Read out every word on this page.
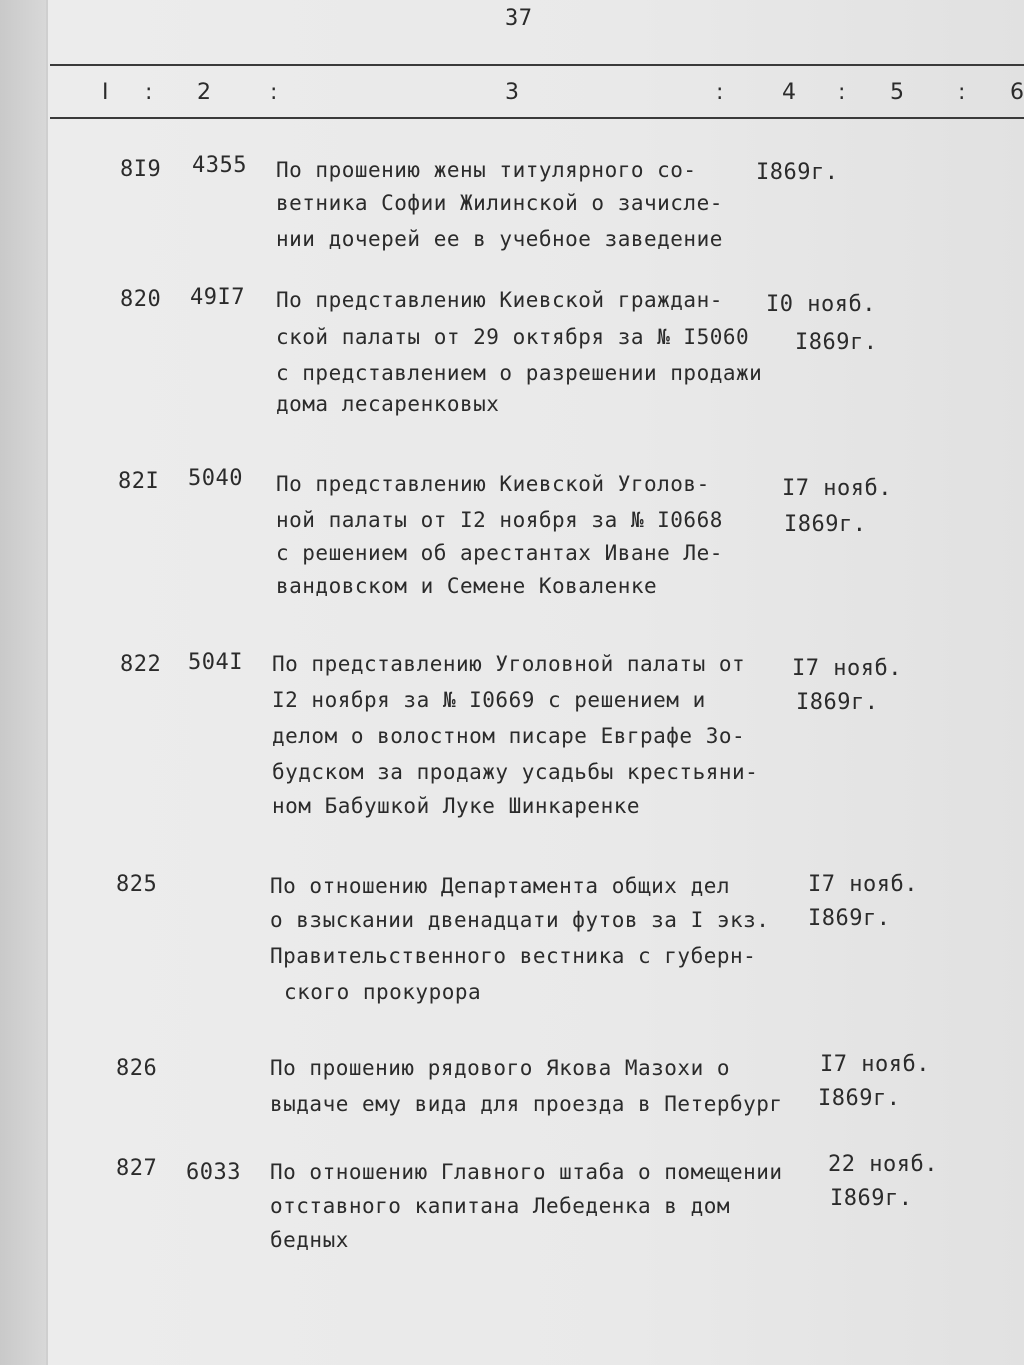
37
I : 2	:	3	:	4 : 5 : 6
8I9 4355 По прошению жены титулярного со-
ветника Софии Жилинской о зачисле-
нии дочерей ее в учебное заведение
I869г.
820 49I7 По представлению Киевской граждан-
ской палаты от 29 октября за № I5060
с представлением о разрешении продажи
дома лесаренковых
I0 нояб.
I869г.
82I 5040 По представлению Киевской Уголов-
ной палаты от I2 ноября за № I0668
с решением об арестантах Иване Ле-
вандовском и Семене Коваленке
I7 нояб.
I869г.
822 504I По представлению Уголовной палаты от
I2 ноября за № I0669 с решением и
делом о волостном писаре Евграфе Зо-
будском за продажу усадьбы крестьяни-
ном Бабушкой Луке Шинкаренке
I7 нояб.
I869г.
825	По отношению Департамента общих дел
о взыскании двенадцати футов за I экз.
Правительственного вестника с губерн-
ского прокурора
I7 нояб.
I869г.
826	По прошению рядового Якова Мазохи о
выдаче ему вида для проезда в Петербург
I7 нояб.
I869г.
827 6033 По отношению Главного штаба о помещении
отставного капитана Лебеденка в дом
бедных
22 нояб.
I869г.
